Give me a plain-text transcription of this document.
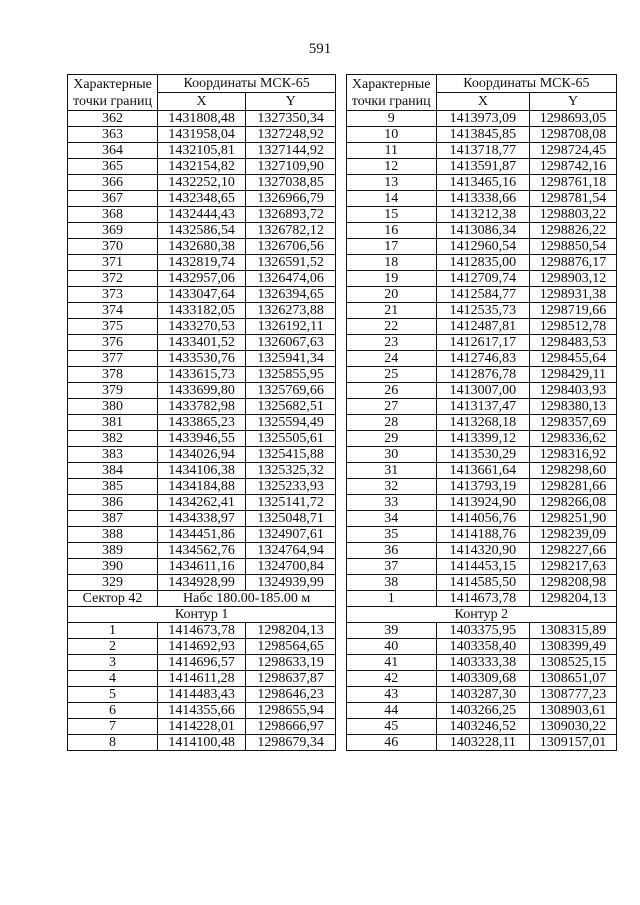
591
Характерные точки границ	Координаты МСК-65			Характерные точки границ	Координаты МСК-65	
	X	Y			X	Y
362	1431808,48	1327350,34		9	1413973,09	1298693,05
363	1431958,04	1327248,92		10	1413845,85	1298708,08
364	1432105,81	1327144,92		11	1413718,77	1298724,45
365	1432154,82	1327109,90		12	1413591,87	1298742,16
366	1432252,10	1327038,85		13	1413465,16	1298761,18
367	1432348,65	1326966,79		14	1413338,66	1298781,54
368	1432444,43	1326893,72		15	1413212,38	1298803,22
369	1432586,54	1326782,12		16	1413086,34	1298826,22
370	1432680,38	1326706,56		17	1412960,54	1298850,54
371	1432819,74	1326591,52		18	1412835,00	1298876,17
372	1432957,06	1326474,06		19	1412709,74	1298903,12
373	1433047,64	1326394,65		20	1412584,77	1298931,38
374	1433182,05	1326273,88		21	1412535,73	1298719,66
375	1433270,53	1326192,11		22	1412487,81	1298512,78
376	1433401,52	1326067,63		23	1412617,17	1298483,53
377	1433530,76	1325941,34		24	1412746,83	1298455,64
378	1433615,73	1325855,95		25	1412876,78	1298429,11
379	1433699,80	1325769,66		26	1413007,00	1298403,93
380	1433782,98	1325682,51		27	1413137,47	1298380,13
381	1433865,23	1325594,49		28	1413268,18	1298357,69
382	1433946,55	1325505,61		29	1413399,12	1298336,62
383	1434026,94	1325415,88		30	1413530,29	1298316,92
384	1434106,38	1325325,32		31	1413661,64	1298298,60
385	1434184,88	1325233,93		32	1413793,19	1298281,66
386	1434262,41	1325141,72		33	1413924,90	1298266,08
387	1434338,97	1325048,71		34	1414056,76	1298251,90
388	1434451,86	1324907,61		35	1414188,76	1298239,09
389	1434562,76	1324764,94		36	1414320,90	1298227,66
390	1434611,16	1324700,84		37	1414453,15	1298217,63
329	1434928,99	1324939,99		38	1414585,50	1298208,98
Сектор 42	Набс 180.00-185.00 м			1	1414673,78	1298204,13
Контур 1				Контур 2		
1	1414673,78	1298204,13		39	1403375,95	1308315,89
2	1414692,93	1298564,65		40	1403358,40	1308399,49
3	1414696,57	1298633,19		41	1403333,38	1308525,15
4	1414611,28	1298637,87		42	1403309,68	1308651,07
5	1414483,43	1298646,23		43	1403287,30	1308777,23
6	1414355,66	1298655,94		44	1403266,25	1308903,61
7	1414228,01	1298666,97		45	1403246,52	1309030,22
8	1414100,48	1298679,34		46	1403228,11	1309157,01
